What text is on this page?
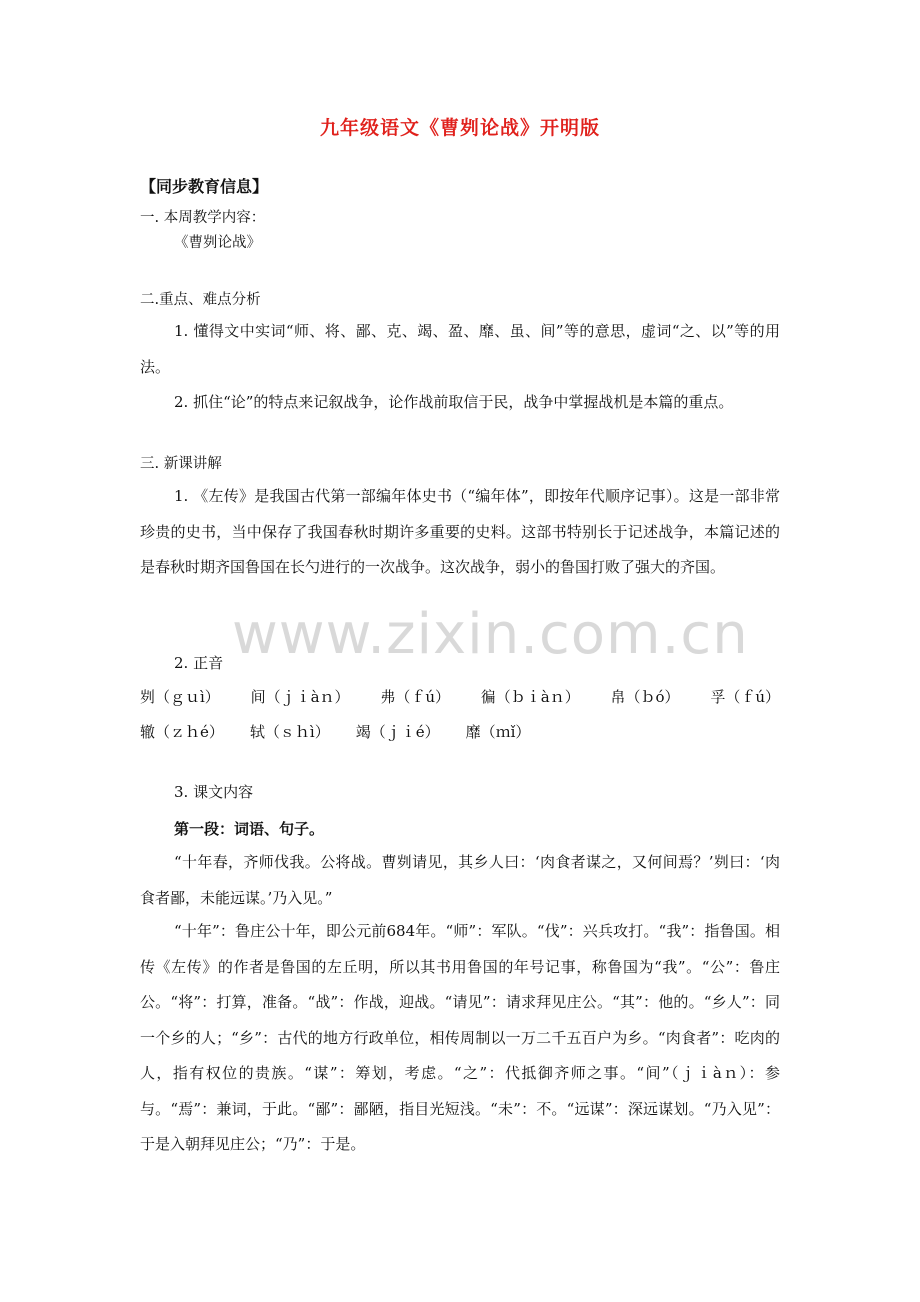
九年级语文《曹刿论战》开明版
【同步教育信息】
一. 本周教学内容：
《曹刿论战》
二.重点、难点分析
1. 懂得文中实词“师、将、鄙、克、竭、盈、靡、虽、间”等的意思，虚词“之、以”等的用法。
2. 抓住“论”的特点来记叙战争，论作战前取信于民，战争中掌握战机是本篇的重点。
三. 新课讲解
1. 《左传》是我国古代第一部编年体史书（“编年体”，即按年代顺序记事）。这是一部非常珍贵的史书，当中保存了我国春秋时期许多重要的史料。这部书特别长于记述战争，本篇记述的是春秋时期齐国鲁国在长勺进行的一次战争。这次战争，弱小的鲁国打败了强大的齐国。
2. 正音
刿（ｇｕì） 间（ｊｉàｎ） 弗（ｆú） 徧（ｂｉàｎ） 帛（ｂó） 孚（ｆú）
辙（ｚｈé） 轼（ｓｈì） 竭（ｊｉé） 靡（ｍǐ）
3. 课文内容
第一段：词语、句子。
“十年春，齐师伐我。公将战。曹刿请见，其乡人曰：‘肉食者谋之，又何间焉？’刿曰：‘肉食者鄙，未能远谋。’乃入见。”
“十年”：鲁庄公十年，即公元前684年。“师”：军队。“伐”：兴兵攻打。“我”：指鲁国。相传《左传》的作者是鲁国的左丘明，所以其书用鲁国的年号记事，称鲁国为“我”。“公”：鲁庄公。“将”：打算，准备。“战”：作战，迎战。“请见”：请求拜见庄公。“其”：他的。“乡人”：同一个乡的人；“乡”：古代的地方行政单位，相传周制以一万二千五百户为乡。“肉食者”：吃肉的人，指有权位的贵族。“谋”：筹划，考虑。“之”：代抵御齐师之事。“间”（ｊｉàｎ）：参与。“焉”：兼词，于此。“鄙”：鄙陋，指目光短浅。“未”：不。“远谋”：深远谋划。“乃入见”：于是入朝拜见庄公；“乃”：于是。
www.zixin.com.cn
